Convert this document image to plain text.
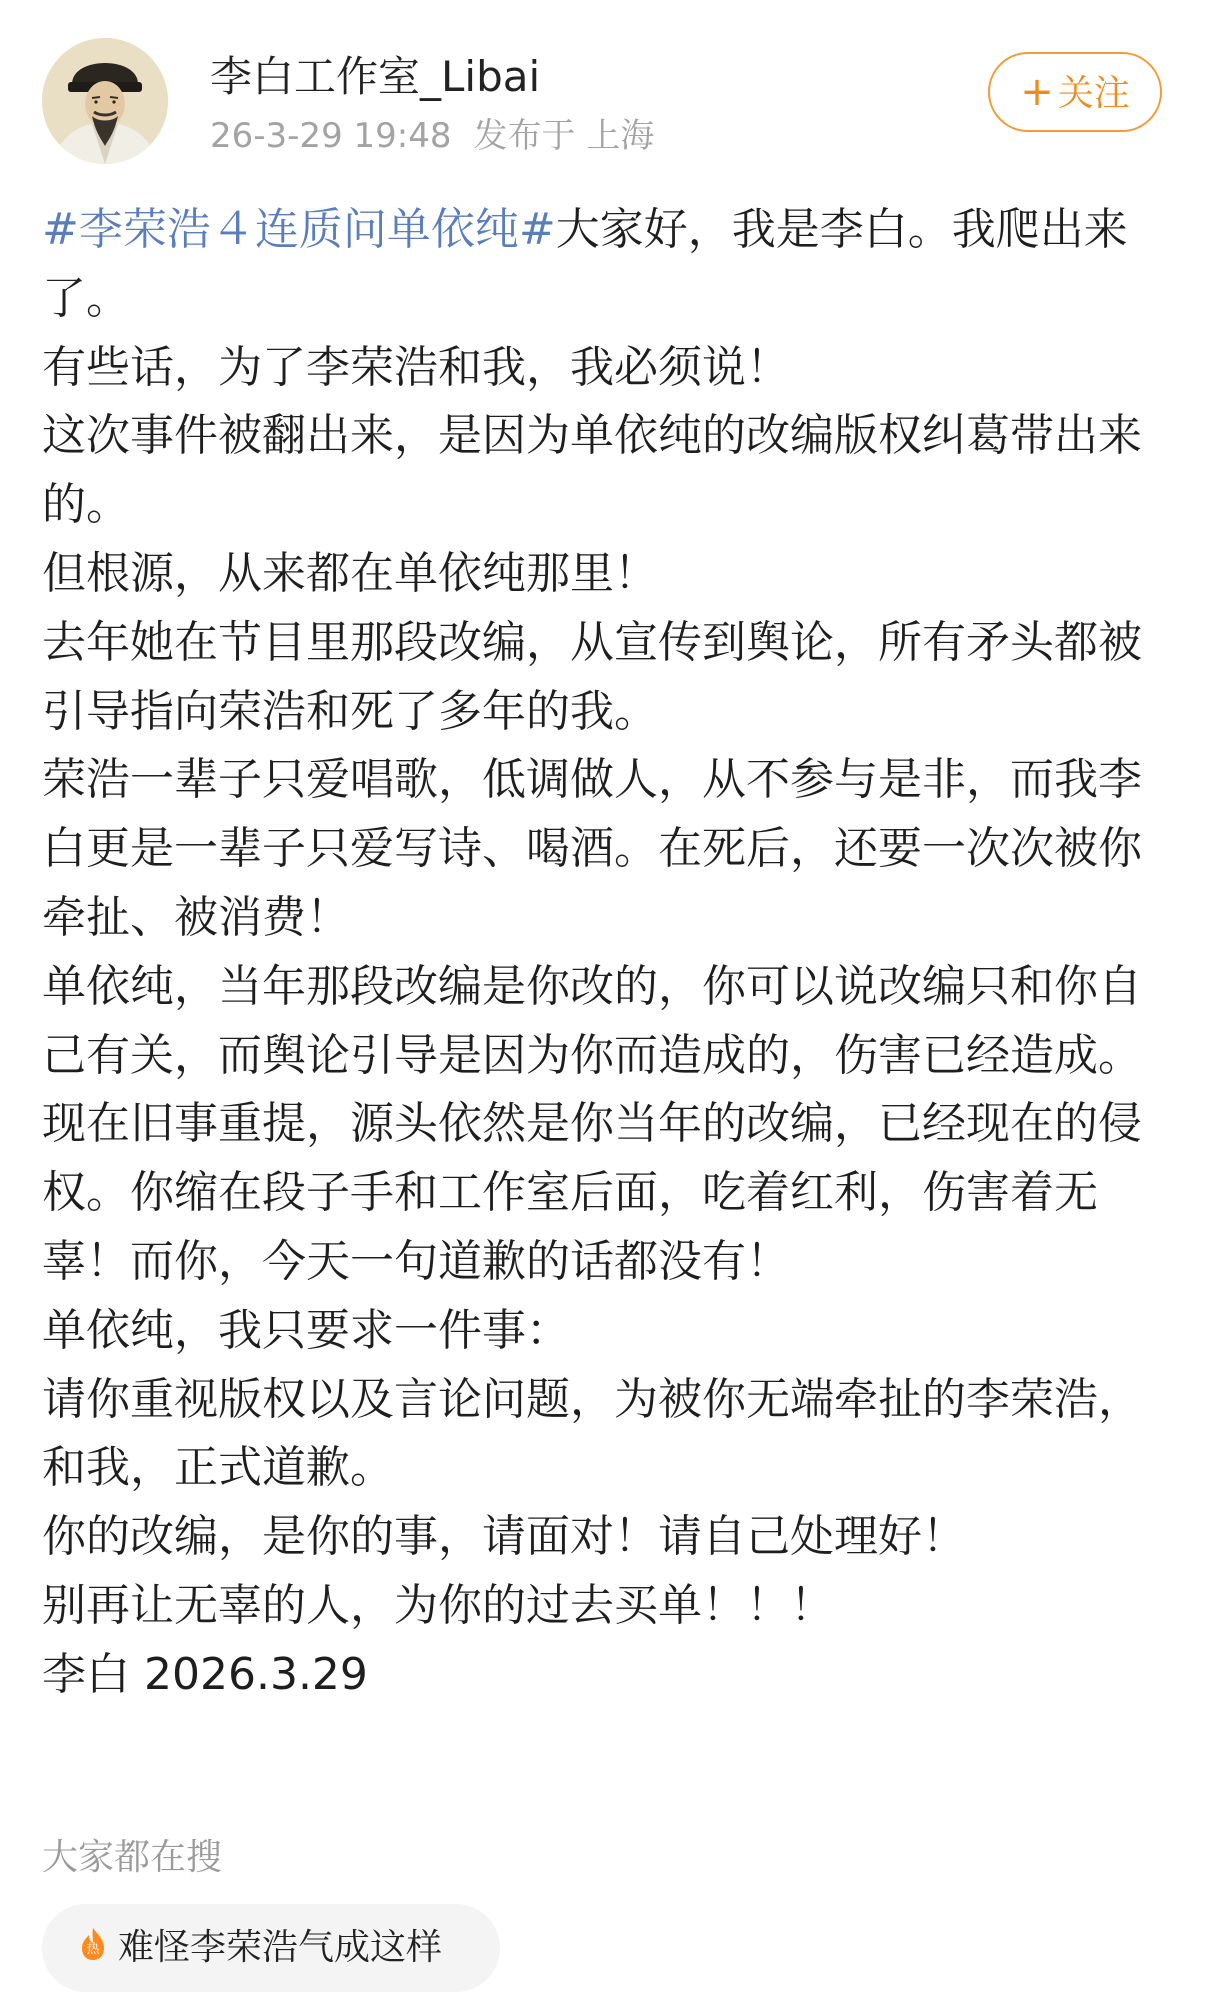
李白工作室_Libai
26-3-29 19:48 发布于 上海
+ 关注
#李荣浩４连质问单依纯#大家好，我是李白。我爬出来了。
有些话，为了李荣浩和我，我必须说！
这次事件被翻出来，是因为单依纯的改编版权纠葛带出来的。
但根源，从来都在单依纯那里！
去年她在节目里那段改编，从宣传到舆论，所有矛头都被引导指向荣浩和死了多年的我。
荣浩一辈子只爱唱歌，低调做人，从不参与是非，而我李白更是一辈子只爱写诗、喝酒。在死后，还要一次次被你牵扯、被消费！
单依纯，当年那段改编是你改的，你可以说改编只和你自己有关，而舆论引导是因为你而造成的，伤害已经造成。现在旧事重提，源头依然是你当年的改编，已经现在的侵权。你缩在段子手和工作室后面，吃着红利，伤害着无辜！而你，今天一句道歉的话都没有！
单依纯，我只要求一件事：
请你重视版权以及言论问题，为被你无端牵扯的李荣浩，和我，正式道歉。
你的改编，是你的事，请面对！请自己处理好！
别再让无辜的人，为你的过去买单！！！
李白 2026.3.29
大家都在搜
热 难怪李荣浩气成这样
